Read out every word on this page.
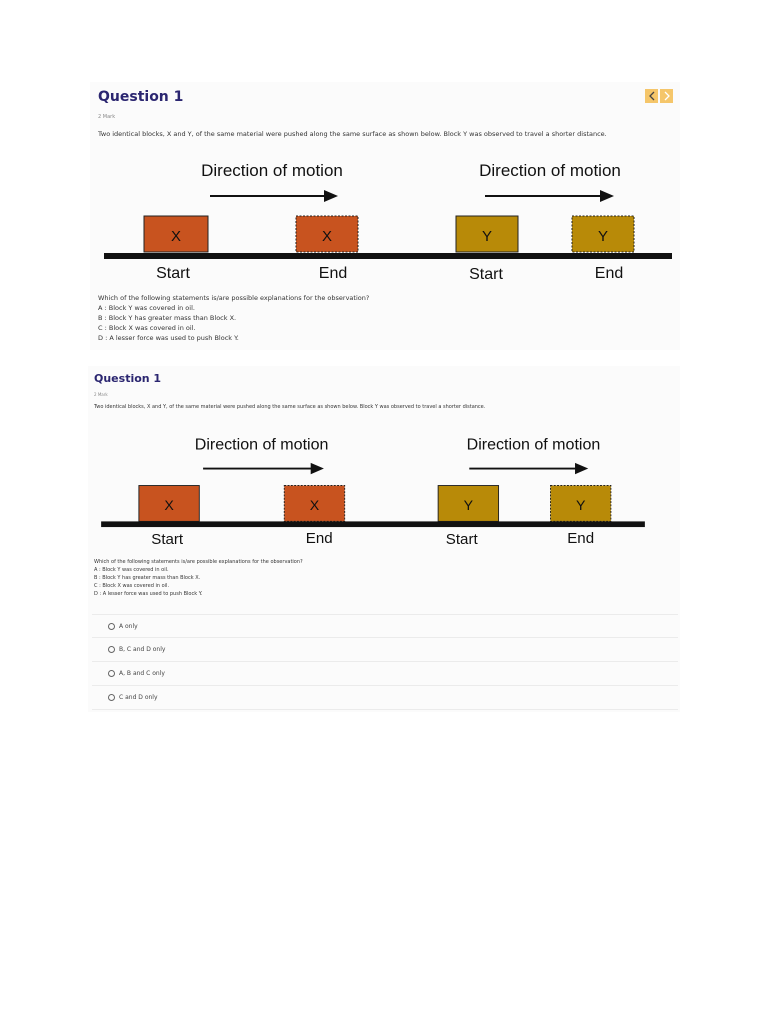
Question 1
2 Mark
Two identical blocks, X and Y, of the same material were pushed along the same surface as shown below. Block Y was observed to travel a shorter distance.
Direction of motion	Direction of motion
X	X	Y	Y
Start	End	Start	End
Which of the following statements is/are possible explanations for the observation?
A : Block Y was covered in oil.
B : Block Y has greater mass than Block X.
C : Block X was covered in oil.
D : A lesser force was used to push Block Y.
Question 1
2 Mark
Two identical blocks, X and Y, of the same material were pushed along the same surface as shown below. Block Y was observed to travel a shorter distance.
Direction of motion	Direction of motion
X	X	Y	Y
Start	End	Start	End
Which of the following statements is/are possible explanations for the observation?
A : Block Y was covered in oil.
B : Block Y has greater mass than Block X.
C : Block X was covered in oil.
D : A lesser force was used to push Block Y.
A only
B, C and D only
A, B and C only
C and D only
